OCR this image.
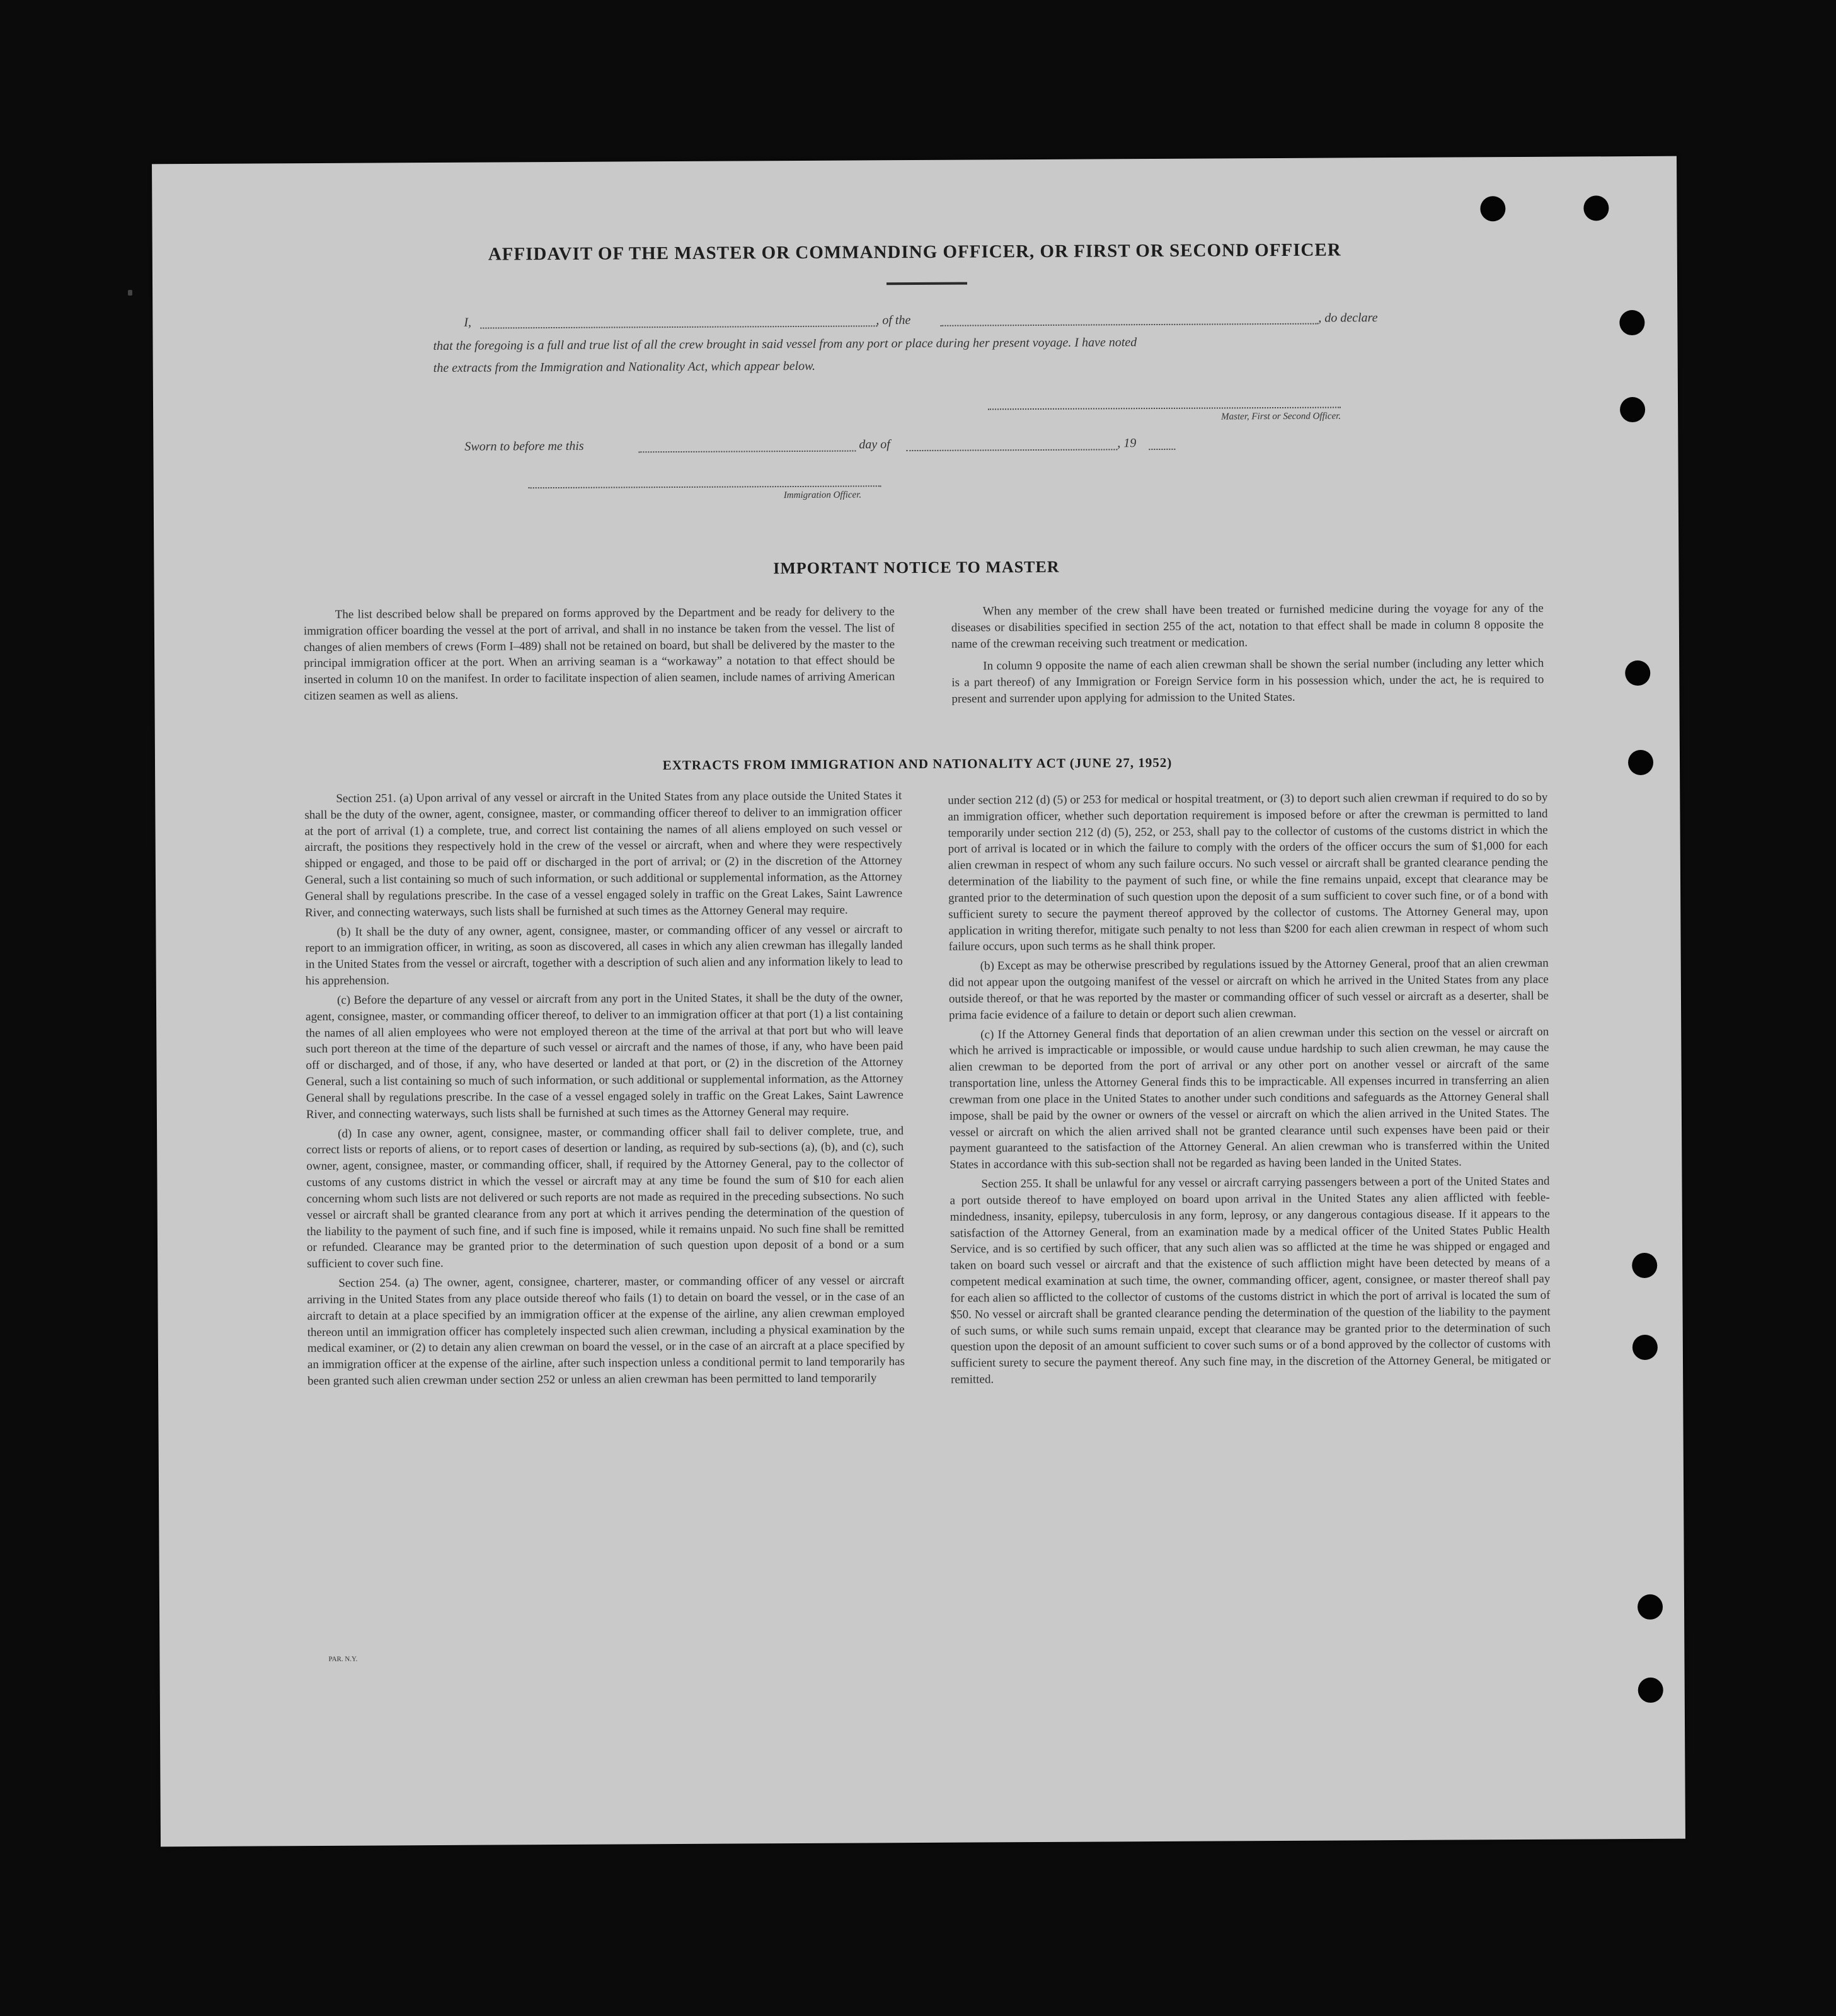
AFFIDAVIT OF THE MASTER OR COMMANDING OFFICER, OR FIRST OR SECOND OFFICER
I,	, of the	, do declare
that the foregoing is a full and true list of all the crew brought in said vessel from any port or place during her present voyage. I have noted
the extracts from the Immigration and Nationality Act, which appear below.
Master, First or Second Officer.
Sworn to before me this	day of	, 19
Immigration Officer.
IMPORTANT NOTICE TO MASTER

The list described below shall be prepared on forms approved by the Department and be ready for delivery to the immigration officer boarding the vessel at the port of arrival, and shall in no instance be taken from the vessel. The list of changes of alien members of crews (Form I–489) shall not be retained on board, but shall be delivered by the master to the principal immigration officer at the port. When an arriving seaman is a “workaway” a notation to that effect should be inserted in column 10 on the manifest. In order to facilitate inspection of alien seamen, include names of arriving American citizen seamen as well as aliens.

When any member of the crew shall have been treated or furnished medicine during the voyage for any of the diseases or disabilities specified in section 255 of the act, notation to that effect shall be made in column 8 opposite the name of the crewman receiving such treatment or medication.

In column 9 opposite the name of each alien crewman shall be shown the serial number (including any letter which is a part thereof) of any Immigration or Foreign Service form in his possession which, under the act, he is required to present and surrender upon applying for admission to the United States.

EXTRACTS FROM IMMIGRATION AND NATIONALITY ACT (JUNE 27, 1952)

Section 251. (a) Upon arrival of any vessel or aircraft in the United States from any place outside the United States it shall be the duty of the owner, agent, consignee, master, or commanding officer thereof to deliver to an immigration officer at the port of arrival (1) a complete, true, and correct list containing the names of all aliens employed on such vessel or aircraft, the positions they respectively hold in the crew of the vessel or aircraft, when and where they were respectively shipped or engaged, and those to be paid off or discharged in the port of arrival; or (2) in the discretion of the Attorney General, such a list containing so much of such information, or such additional or supplemental information, as the Attorney General shall by regulations prescribe. In the case of a vessel engaged solely in traffic on the Great Lakes, Saint Lawrence River, and connecting waterways, such lists shall be furnished at such times as the Attorney General may require.

(b) It shall be the duty of any owner, agent, consignee, master, or commanding officer of any vessel or aircraft to report to an immigration officer, in writing, as soon as discovered, all cases in which any alien crewman has illegally landed in the United States from the vessel or aircraft, together with a description of such alien and any information likely to lead to his apprehension.

(c) Before the departure of any vessel or aircraft from any port in the United States, it shall be the duty of the owner, agent, consignee, master, or commanding officer thereof, to deliver to an immigration officer at that port (1) a list containing the names of all alien employees who were not employed thereon at the time of the arrival at that port but who will leave such port thereon at the time of the departure of such vessel or aircraft and the names of those, if any, who have been paid off or discharged, and of those, if any, who have deserted or landed at that port, or (2) in the discretion of the Attorney General, such a list containing so much of such information, or such additional or supplemental information, as the Attorney General shall by regulations prescribe. In the case of a vessel engaged solely in traffic on the Great Lakes, Saint Lawrence River, and connecting waterways, such lists shall be furnished at such times as the Attorney General may require.

(d) In case any owner, agent, consignee, master, or commanding officer shall fail to deliver complete, true, and correct lists or reports of aliens, or to report cases of desertion or landing, as required by sub-sections (a), (b), and (c), such owner, agent, consignee, master, or commanding officer, shall, if required by the Attorney General, pay to the collector of customs of any customs district in which the vessel or aircraft may at any time be found the sum of $10 for each alien concerning whom such lists are not delivered or such reports are not made as required in the preceding subsections. No such vessel or aircraft shall be granted clearance from any port at which it arrives pending the determination of the question of the liability to the payment of such fine, and if such fine is imposed, while it remains unpaid. No such fine shall be remitted or refunded. Clearance may be granted prior to the determination of such question upon deposit of a bond or a sum sufficient to cover such fine.

Section 254. (a) The owner, agent, consignee, charterer, master, or commanding officer of any vessel or aircraft arriving in the United States from any place outside thereof who fails (1) to detain on board the vessel, or in the case of an aircraft to detain at a place specified by an immigration officer at the expense of the airline, any alien crewman employed thereon until an immigration officer has completely inspected such alien crewman, including a physical examination by the medical examiner, or (2) to detain any alien crewman on board the vessel, or in the case of an aircraft at a place specified by an immigration officer at the expense of the airline, after such inspection unless a conditional permit to land temporarily has been granted such alien crewman under section 252 or unless an alien crewman has been permitted to land temporarily

under section 212 (d) (5) or 253 for medical or hospital treatment, or (3) to deport such alien crewman if required to do so by an immigration officer, whether such deportation requirement is imposed before or after the crewman is permitted to land temporarily under section 212 (d) (5), 252, or 253, shall pay to the collector of customs of the customs district in which the port of arrival is located or in which the failure to comply with the orders of the officer occurs the sum of $1,000 for each alien crewman in respect of whom any such failure occurs. No such vessel or aircraft shall be granted clearance pending the determination of the liability to the payment of such fine, or while the fine remains unpaid, except that clearance may be granted prior to the determination of such question upon the deposit of a sum sufficient to cover such fine, or of a bond with sufficient surety to secure the payment thereof approved by the collector of customs. The Attorney General may, upon application in writing therefor, mitigate such penalty to not less than $200 for each alien crewman in respect of whom such failure occurs, upon such terms as he shall think proper.

(b) Except as may be otherwise prescribed by regulations issued by the Attorney General, proof that an alien crewman did not appear upon the outgoing manifest of the vessel or aircraft on which he arrived in the United States from any place outside thereof, or that he was reported by the master or commanding officer of such vessel or aircraft as a deserter, shall be prima facie evidence of a failure to detain or deport such alien crewman.

(c) If the Attorney General finds that deportation of an alien crewman under this section on the vessel or aircraft on which he arrived is impracticable or impossible, or would cause undue hardship to such alien crewman, he may cause the alien crewman to be deported from the port of arrival or any other port on another vessel or aircraft of the same transportation line, unless the Attorney General finds this to be impracticable. All expenses incurred in transferring an alien crewman from one place in the United States to another under such conditions and safeguards as the Attorney General shall impose, shall be paid by the owner or owners of the vessel or aircraft on which the alien arrived in the United States. The vessel or aircraft on which the alien arrived shall not be granted clearance until such expenses have been paid or their payment guaranteed to the satisfaction of the Attorney General. An alien crewman who is transferred within the United States in accordance with this sub-section shall not be regarded as having been landed in the United States.

Section 255. It shall be unlawful for any vessel or aircraft carrying passengers between a port of the United States and a port outside thereof to have employed on board upon arrival in the United States any alien afflicted with feeble-mindedness, insanity, epilepsy, tuberculosis in any form, leprosy, or any dangerous contagious disease. If it appears to the satisfaction of the Attorney General, from an examination made by a medical officer of the United States Public Health Service, and is so certified by such officer, that any such alien was so afflicted at the time he was shipped or engaged and taken on board such vessel or aircraft and that the existence of such affliction might have been detected by means of a competent medical examination at such time, the owner, commanding officer, agent, consignee, or master thereof shall pay for each alien so afflicted to the collector of customs of the customs district in which the port of arrival is located the sum of $50. No vessel or aircraft shall be granted clearance pending the determination of the question of the liability to the payment of such sums, or while such sums remain unpaid, except that clearance may be granted prior to the determination of such question upon the deposit of an amount sufficient to cover such sums or of a bond approved by the collector of customs with sufficient surety to secure the payment thereof. Any such fine may, in the discretion of the Attorney General, be mitigated or remitted.

PAR. N.Y.
